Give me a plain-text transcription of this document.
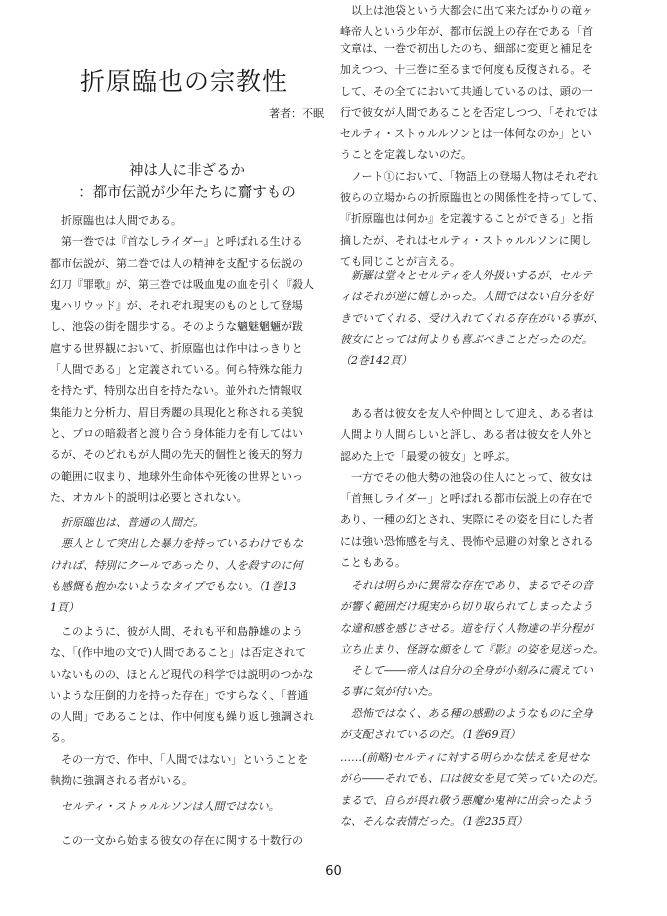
折原臨也の宗教性
著者：不眠
神は人に非ざるか
：都市伝説が少年たちに齎すもの
　折原臨也は人間である。
　第一巻では『首なしライダー』と呼ばれる生ける
都市伝説が、第二巻では人の精神を支配する伝説の
幻刀『罪歌』が、第三巻では吸血鬼の血を引く『殺人
鬼ハリウッド』が、それぞれ現実のものとして登場
し、池袋の街を闊歩する。そのような魑魅魍魎が跋
扈する世界観において、折原臨也は作中はっきりと
「人間である」と定義されている。何ら特殊な能力
を持たず、特別な出自を持たない。並外れた情報収
集能力と分析力、眉目秀麗の具現化と称される美貌
と、プロの暗殺者と渡り合う身体能力を有してはい
るが、そのどれもが人間の先天的個性と後天的努力
の範囲に収まり、地球外生命体や死後の世界といっ
た、オカルト的説明は必要とされない。
　折原臨也は、普通の人間だ。
　悪人として突出した暴力を持っているわけでもな
ければ、特別にクールであったり、人を殺すのに何
も感慨も抱かないようなタイプでもない。（1巻13
1頁）
　このように、彼が人間、それも平和島静雄のよう
な、「(作中地の文で)人間であること」は否定されて
いないものの、ほとんど現代の科学では説明のつかな
いような圧倒的力を持った存在」ですらなく、「普通
の人間」であることは、作中何度も繰り返し強調され
る。
　その一方で、作中、「人間ではない」ということを
執拗に強調される者がいる。
　セルティ・ストゥルルソンは人間ではない。
　この一文から始まる彼女の存在に関する十数行の
文章は、一巻で初出したのち、細部に変更と補足を
加えつつ、十三巻に至るまで何度も反復される。そ
して、その全てにおいて共通しているのは、頭の一
行で彼女が人間であることを否定しつつ、「それでは
セルティ・ストゥルルソンとは一体何なのか」とい
うことを定義しないのだ。
　ノート①において、「物語上の登場人物はそれぞれ
彼らの立場からの折原臨也との関係性を持ってして、
『折原臨也は何か』を定義することができる」と指
摘したが、それはセルティ・ストゥルルソンに関し
ても同じことが言える。
　新羅は堂々とセルティを人外扱いするが、セルテ
ィはそれが逆に嬉しかった。人間ではない自分を好
きでいてくれる、受け入れてくれる存在がいる事が、
彼女にとっては何よりも喜ぶべきことだったのだ。
（2巻142頁）
　ある者は彼女を友人や仲間として迎え、ある者は
人間より人間らしいと評し、ある者は彼女を人外と
認めた上で「最愛の彼女」と呼ぶ。
　一方でその他大勢の池袋の住人にとって、彼女は
「首無しライダー」と呼ばれる都市伝説上の存在で
あり、一種の幻とされ、実際にその姿を目にした者
には強い恐怖感を与え、畏怖や忌避の対象とされる
こともある。
　それは明らかに異常な存在であり、まるでその音
が響く範囲だけ現実から切り取られてしまったよう
な違和感を感じさせる。道を行く人物達の半分程が
立ち止まり、怪訝な顔をして『影』の姿を見送った。
　そして――帝人は自分の全身が小刻みに震えてい
る事に気が付いた。
　恐怖ではなく、ある種の感動のようなものに全身
が支配されているのだ。（1巻69頁）
……(前略)セルティに対する明らかな怯えを見せな
がら――それでも、口は彼女を見て笑っていたのだ。
まるで、自らが畏れ敬う悪魔か鬼神に出会ったよう
な、そんな表情だった。（1巻235頁）
　以上は池袋という大都会に出て来たばかりの竜ヶ
峰帝人という少年が、都市伝説上の存在である「首
60
